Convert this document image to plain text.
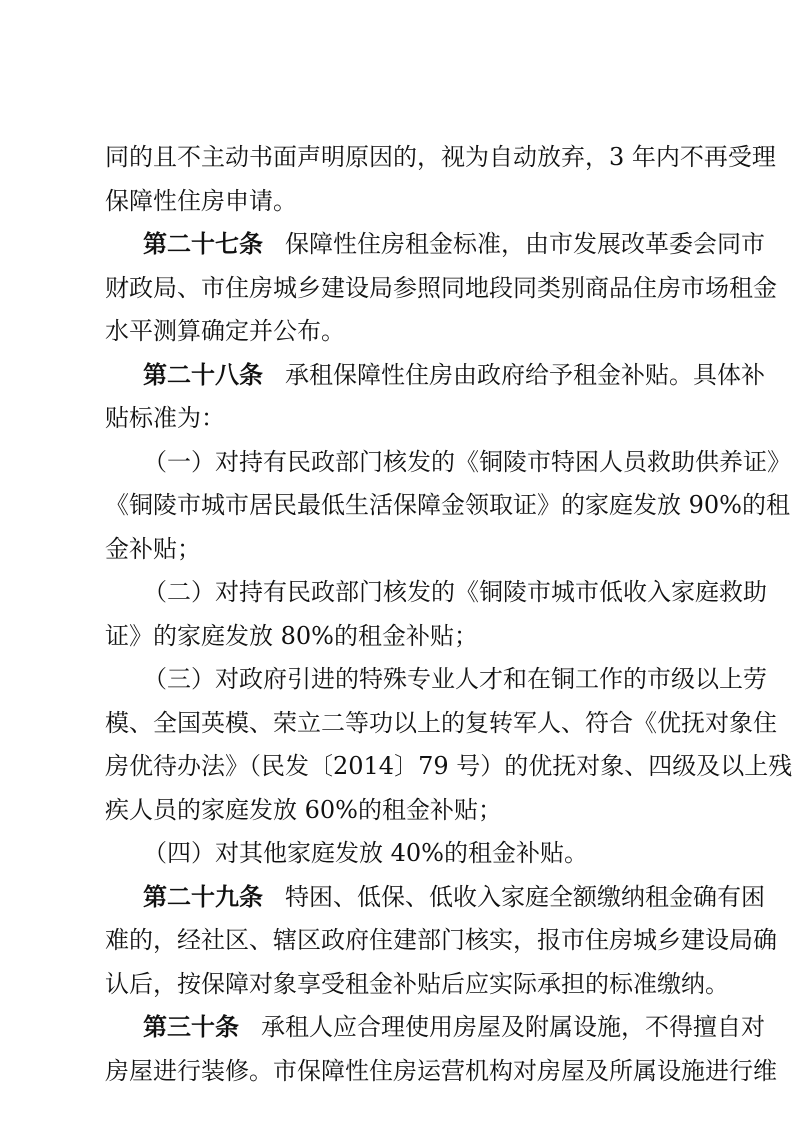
同的且不主动书面声明原因的，视为自动放弃，3 年内不再受理
保障性住房申请。
第二十七条 保障性住房租金标准，由市发展改革委会同市
财政局、市住房城乡建设局参照同地段同类别商品住房市场租金
水平测算确定并公布。
第二十八条 承租保障性住房由政府给予租金补贴。具体补
贴标准为：
（一）对持有民政部门核发的《铜陵市特困人员救助供养证》
《铜陵市城市居民最低生活保障金领取证》的家庭发放 90%的租
金补贴；
（二）对持有民政部门核发的《铜陵市城市低收入家庭救助
证》的家庭发放 80%的租金补贴；
（三）对政府引进的特殊专业人才和在铜工作的市级以上劳
模、全国英模、荣立二等功以上的复转军人、符合《优抚对象住
房优待办法》（民发〔2014〕79 号）的优抚对象、四级及以上残
疾人员的家庭发放 60%的租金补贴；
（四）对其他家庭发放 40%的租金补贴。
第二十九条 特困、低保、低收入家庭全额缴纳租金确有困
难的，经社区、辖区政府住建部门核实，报市住房城乡建设局确
认后，按保障对象享受租金补贴后应实际承担的标准缴纳。
第三十条 承租人应合理使用房屋及附属设施，不得擅自对
房屋进行装修。市保障性住房运营机构对房屋及所属设施进行维
